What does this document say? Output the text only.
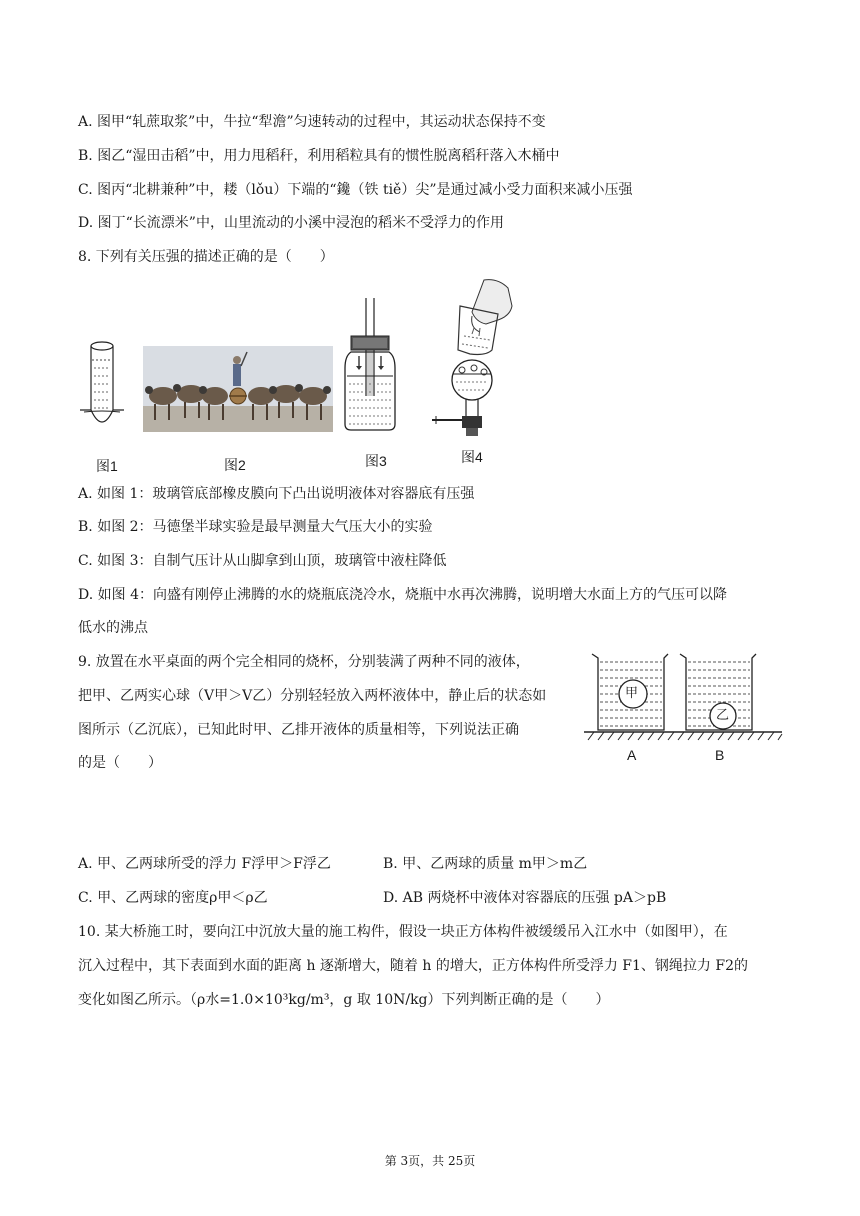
A. 图甲“轧蔗取浆”中，牛拉“犁澹”匀速转动的过程中，其运动状态保持不变
B. 图乙“湿田击稻”中，用力甩稻秆，利用稻粒具有的惯性脱离稻秆落入木桶中
C. 图丙“北耕兼种”中，耧（lǒu）下端的“鑱（铁 tiě）尖”是通过减小受力面积来减小压强
D. 图丁“长流漂米”中，山里流动的小溪中浸泡的稻米不受浮力的作用
8. 下列有关压强的描述正确的是（　　）
图1	图2	图3	图4
A. 如图 1：玻璃管底部橡皮膜向下凸出说明液体对容器底有压强
B. 如图 2：马德堡半球实验是最早测量大气压大小的实验
C. 如图 3：自制气压计从山脚拿到山顶，玻璃管中液柱降低
D. 如图 4：向盛有刚停止沸腾的水的烧瓶底浇冷水，烧瓶中水再次沸腾，说明增大水面上方的气压可以降
低水的沸点
9. 放置在水平桌面的两个完全相同的烧杯，分别装满了两种不同的液体，
把甲、乙两实心球（V甲＞V乙）分别轻轻放入两杯液体中，静止后的状态如
图所示（乙沉底），已知此时甲、乙排开液体的质量相等，下列说法正确
的是（　　）
甲
乙
A	B
A. 甲、乙两球所受的浮力 F浮甲＞F浮乙	B. 甲、乙两球的质量 m甲＞m乙
C. 甲、乙两球的密度ρ甲＜ρ乙	D. AB 两烧杯中液体对容器底的压强 pA＞pB
10. 某大桥施工时，要向江中沉放大量的施工构件，假设一块正方体构件被缓缓吊入江水中（如图甲），在
沉入过程中，其下表面到水面的距离 h 逐渐增大，随着 h 的增大，正方体构件所受浮力 F1、钢绳拉力 F2的
变化如图乙所示。（ρ水=1.0×10³kg/m³，g 取 10N/kg）下列判断正确的是（　　）
第 3页，共 25页
